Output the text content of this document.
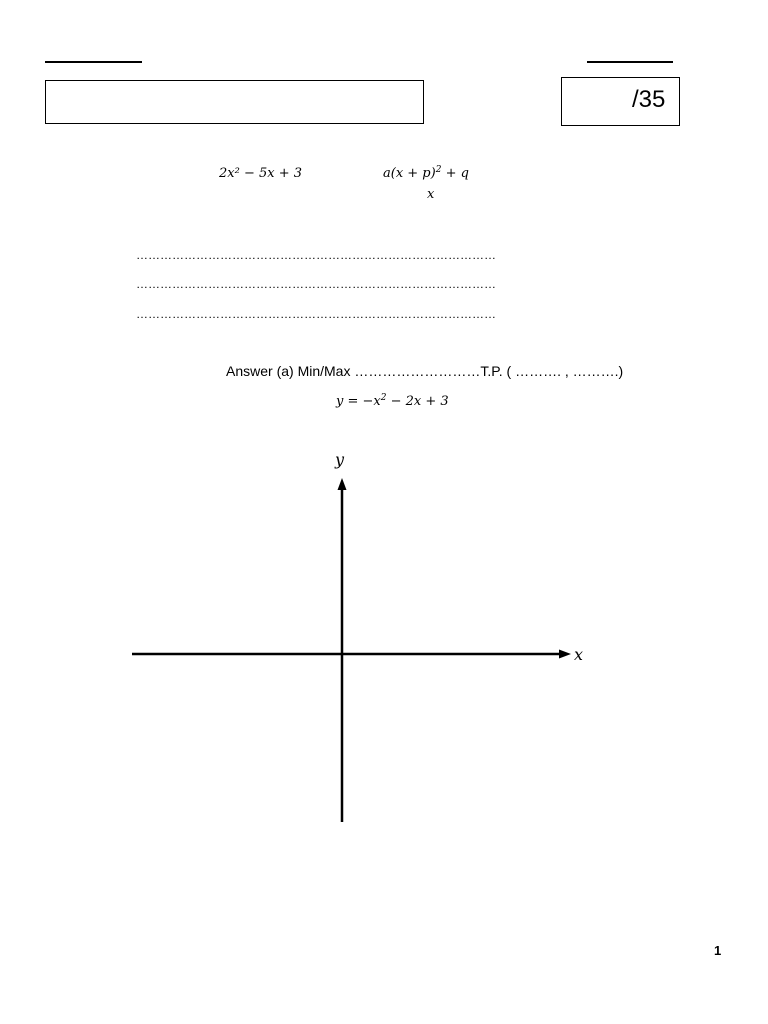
/35
2x² − 5x + 3	$a(x + p)^2 + q$
x
………………………………………………………………………………
………………………………………………………………………………
………………………………………………………………………………
Answer (a) Min/Max ………………………T.P. ( ………. , ……….)
$y = -x^2 - 2x + 3$
y
x
1
